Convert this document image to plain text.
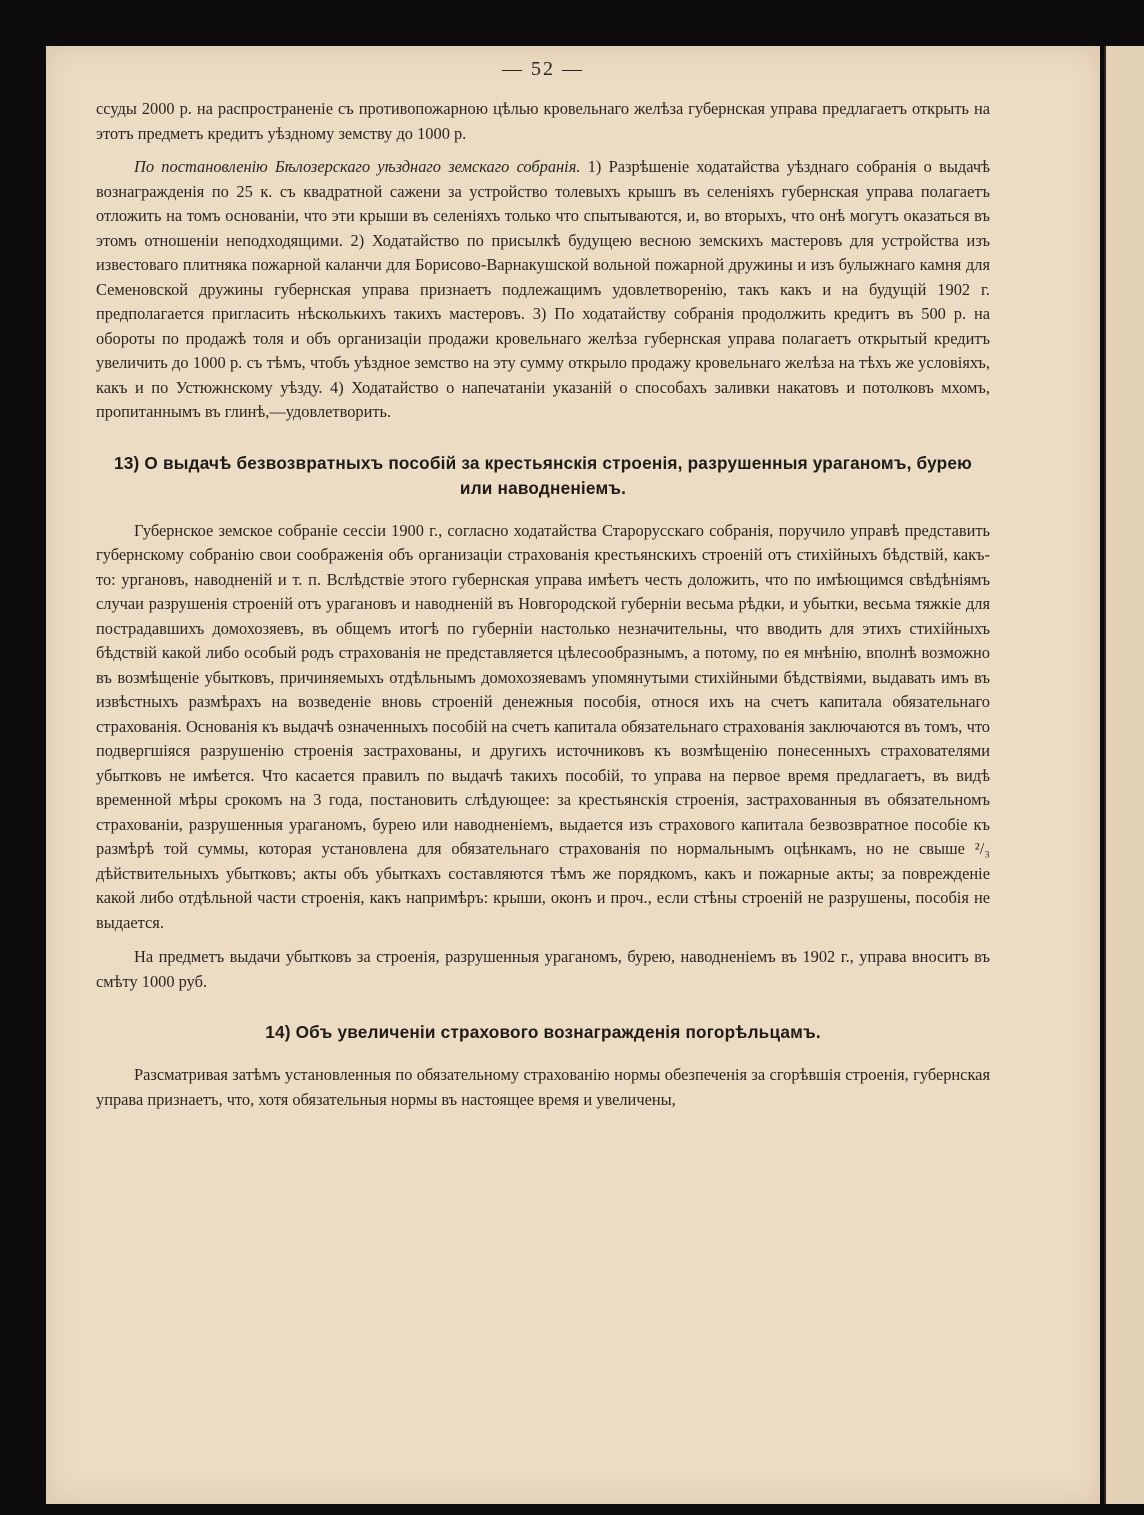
— 52 —

ссуды 2000 р. на распространеніе съ противопожарною цѣлью кровельнаго желѣза губернская управа предлагаетъ открыть на этотъ предметъ кредитъ уѣздному земству до 1000 р.

По постановленію Бѣлозерскаго уѣзднаго земскаго собранія. 1) Разрѣшеніе ходатайства уѣзднаго собранія о выдачѣ вознагражденія по 25 к. съ квадратной сажени за устройство толевыхъ крышъ въ селеніяхъ губернская управа полагаетъ отложить на томъ основаніи, что эти крыши въ селеніяхъ только что спытываются, и, во вторыхъ, что онѣ могутъ оказаться въ этомъ отношеніи неподходящими. 2) Ходатайство по присылкѣ будущею весною земскихъ мастеровъ для устройства изъ известоваго плитняка пожарной каланчи для Борисово-Варнакушской вольной пожарной дружины и изъ булыжнаго камня для Семеновской дружины губернская управа признаетъ подлежащимъ удовлетворенію, такъ какъ и на будущій 1902 г. предполагается пригласить нѣсколькихъ такихъ мастеровъ. 3) По ходатайству собранія продолжить кредитъ въ 500 р. на обороты по продажѣ толя и объ организаціи продажи кровельнаго желѣза губернская управа полагаетъ открытый кредитъ увеличить до 1000 р. съ тѣмъ, чтобъ уѣздное земство на эту сумму открыло продажу кровельнаго желѣза на тѣхъ же условіяхъ, какъ и по Устюжнскому уѣзду. 4) Ходатайство о напечатаніи указаній о способахъ заливки накатовъ и потолковъ мхомъ, пропитаннымъ въ глинѣ,—удовлетворить.

13) О выдачѣ безвозвратныхъ пособій за крестьянскія строенія, разрушенныя ураганомъ, бурею
или наводненіемъ.

Губернское земское собраніе сессіи 1900 г., согласно ходатайства Старорусскаго собранія, поручило управѣ представить губернскому собранію свои соображенія объ организаціи страхованія крестьянскихъ строеній отъ стихійныхъ бѣдствій, какъ-то: ургановъ, наводненій и т. п. Вслѣдствіе этого губернская управа имѣетъ честь доложить, что по имѣющимся свѣдѣніямъ случаи разрушенія строеній отъ урагановъ и наводненій въ Новгородской губерніи весьма рѣдки, и убытки, весьма тяжкіе для пострадавшихъ домохозяевъ, въ общемъ итогѣ по губерніи настолько незначительны, что вводить для этихъ стихійныхъ бѣдствій какой либо особый родъ страхованія не представляется цѣлесообразнымъ, а потому, по ея мнѣнію, вполнѣ возможно въ возмѣщеніе убытковъ, причиняемыхъ отдѣльнымъ домохозяевамъ упомянутыми стихійными бѣдствіями, выдавать имъ въ извѣстныхъ размѣрахъ на возведеніе вновь строеній денежныя пособія, относя ихъ на счетъ капитала обязательнаго страхованія. Основанія къ выдачѣ означенныхъ пособій на счетъ капитала обязательнаго страхованія заключаются въ томъ, что подвергшіяся разрушенію строенія застрахованы, и другихъ источниковъ къ возмѣщенію понесенныхъ страхователями убытковъ не имѣется. Что касается правилъ по выдачѣ такихъ пособій, то управа на первое время предлагаетъ, въ видѣ временной мѣры срокомъ на 3 года, постановить слѣдующее: за крестьянскія строенія, застрахованныя въ обязательномъ страхованіи, разрушенныя ураганомъ, бурею или наводненіемъ, выдается изъ страхового капитала безвозвратное пособіе къ размѣрѣ той суммы, которая установлена для обязательнаго страхованія по нормальнымъ оцѣнкамъ, но не свыше ²/₃ дѣйствительныхъ убытковъ; акты объ убыткахъ составляются тѣмъ же порядкомъ, какъ и пожарные акты; за поврежденіе какой либо отдѣльной части строенія, какъ напримѣръ: крыши, оконъ и проч., если стѣны строеній не разрушены, пособія не выдается.

На предметъ выдачи убытковъ за строенія, разрушенныя ураганомъ, бурею, наводненіемъ въ 1902 г., управа вноситъ въ смѣту 1000 руб.

14) Объ увеличеніи страхового вознагражденія погорѣльцамъ.

Разсматривая затѣмъ установленныя по обязательному страхованію нормы обезпеченія за сгорѣвшія строенія, губернская управа признаетъ, что, хотя обязательныя нормы въ настоящее время и увеличены,
